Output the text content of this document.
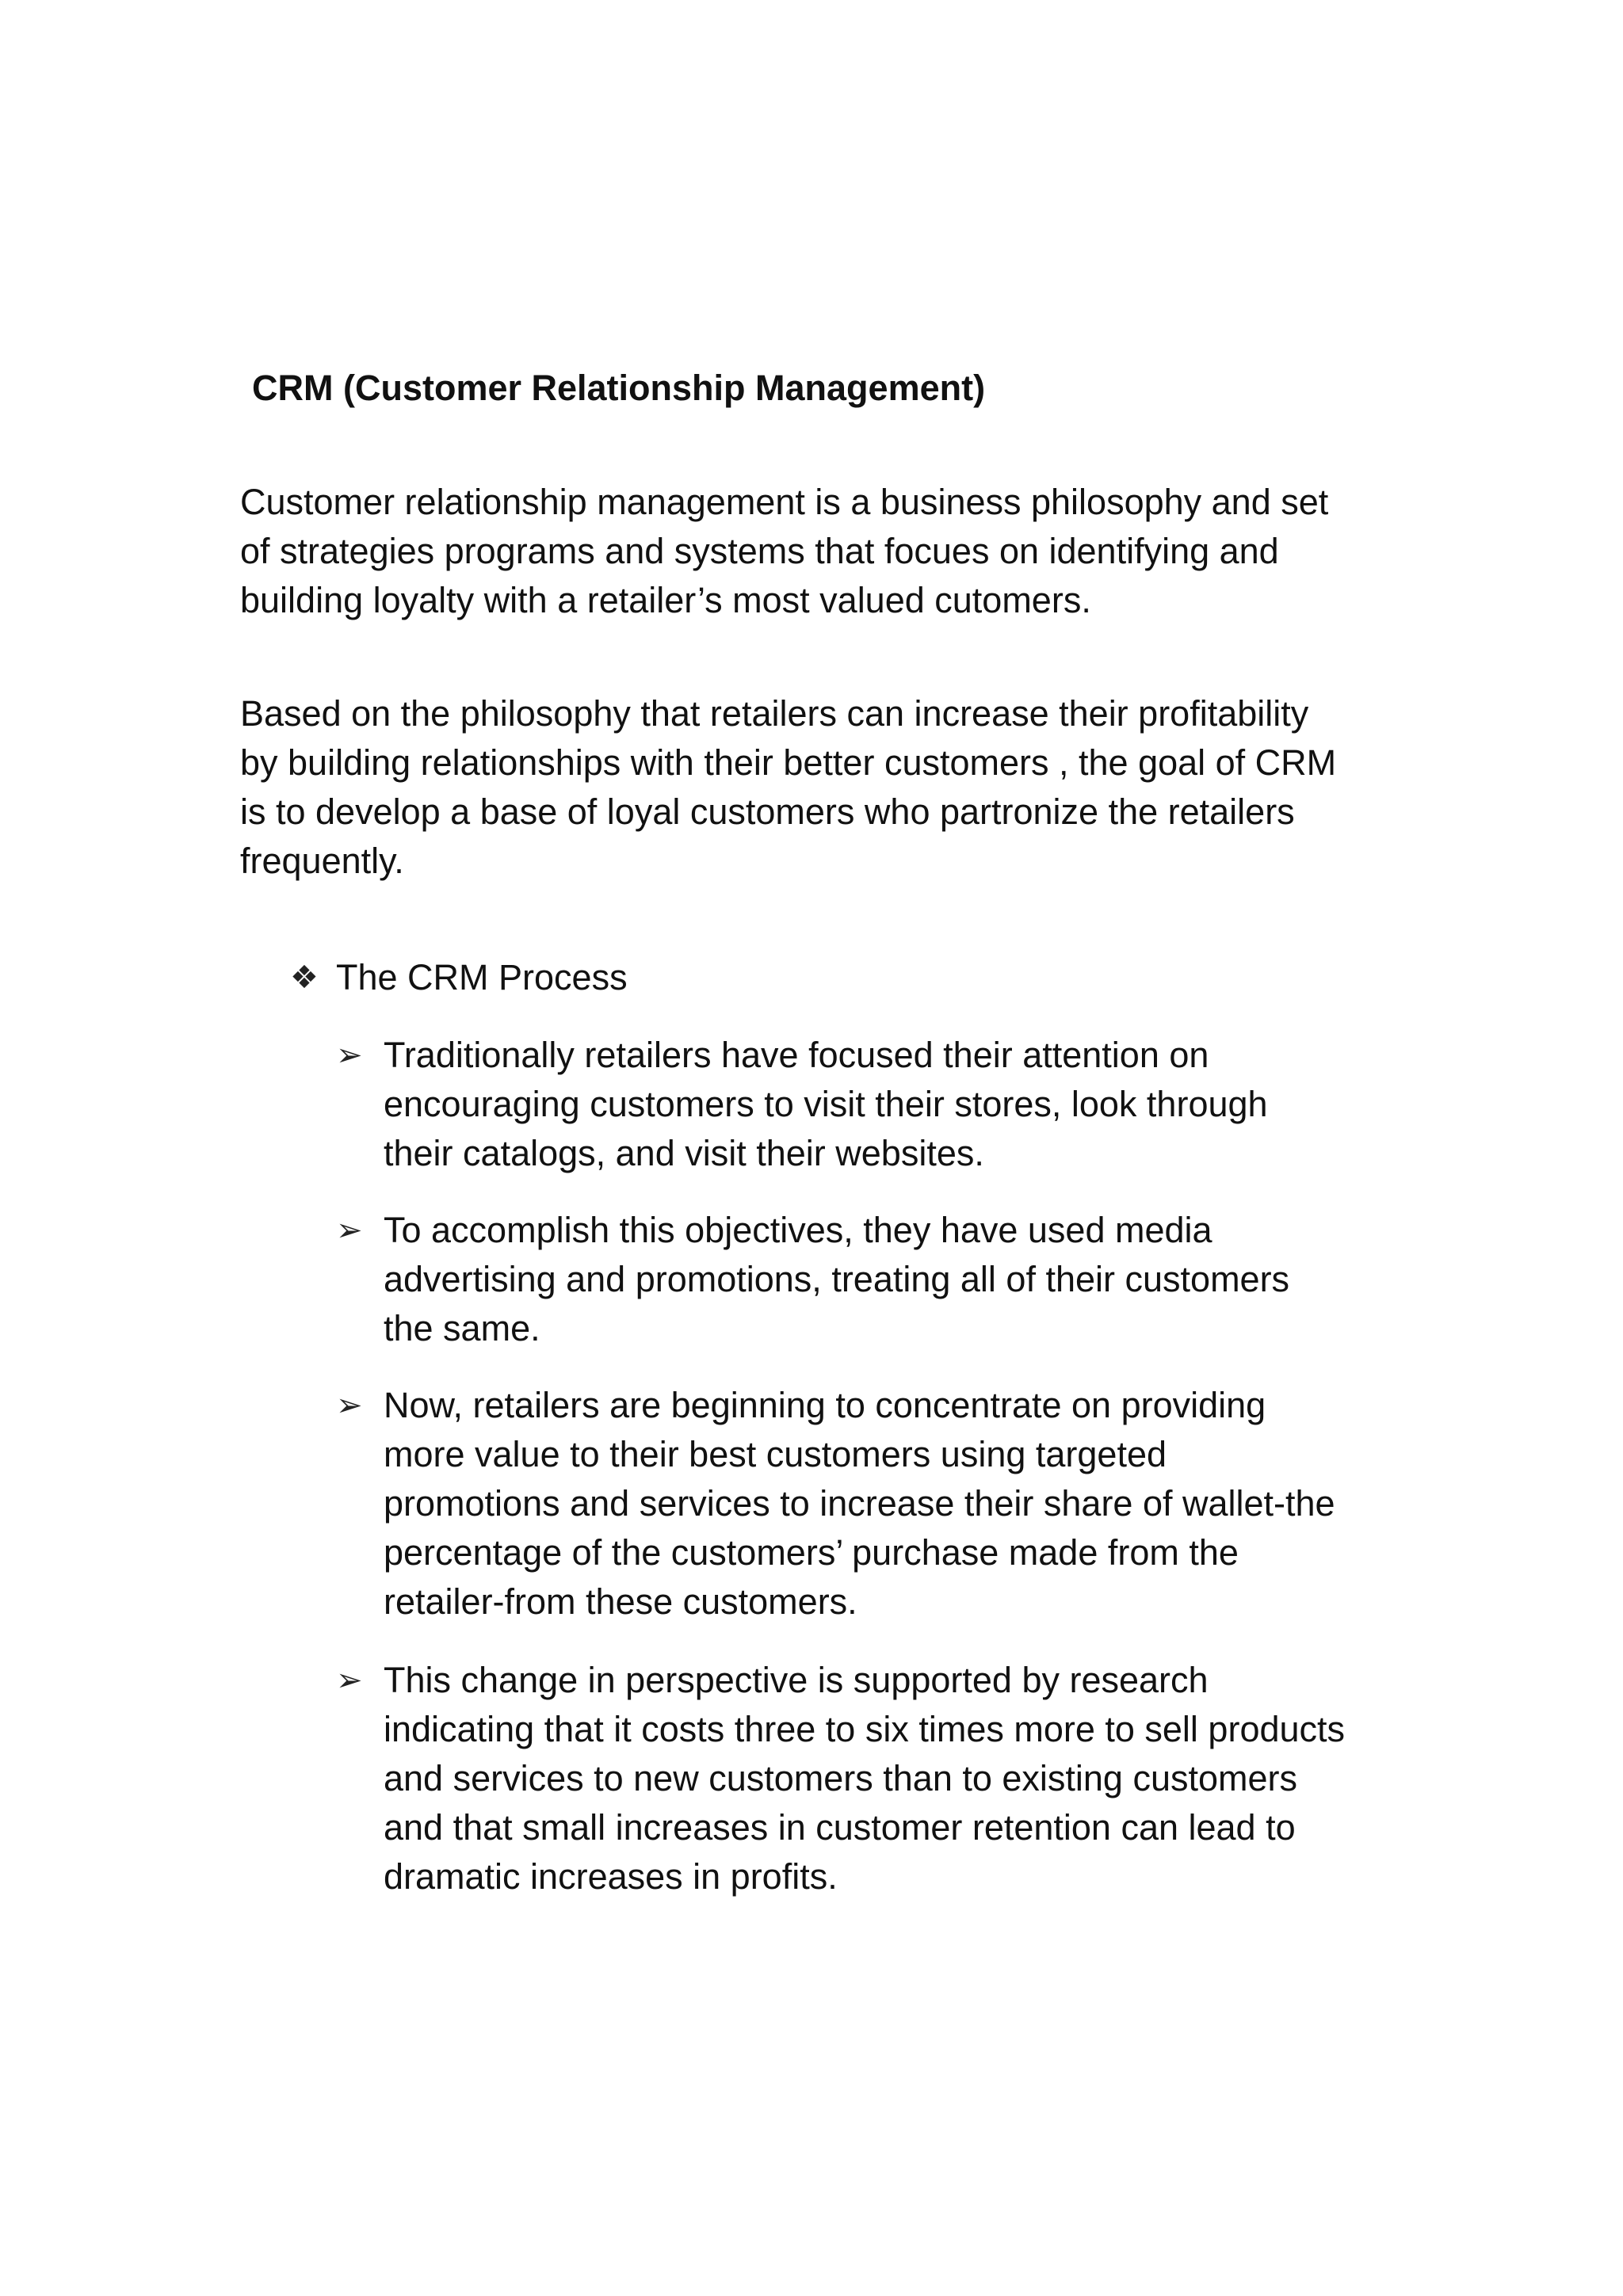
CRM (Customer Relationship Management)
Customer relationship management is a business philosophy and set
of strategies programs and systems that focues on identifying and
building loyalty with a retailer’s most valued cutomers.
Based on the philosophy that retailers can increase their profitability
by building relationships with their better customers , the goal of CRM
is to develop a base of loyal customers who partronize the retailers
frequently.
❖ The CRM Process
➢ Traditionally retailers have focused their attention on
encouraging customers to visit their stores, look through
their catalogs, and visit their websites.
➢ To accomplish this objectives, they have used media
advertising and promotions, treating all of their customers
the same.
➢ Now, retailers are beginning to concentrate on providing
more value to their best customers using targeted
promotions and services to increase their share of wallet-the
percentage of the customers’ purchase made from the
retailer-from these customers.
➢ This change in perspective is supported by research
indicating that it costs three to six times more to sell products
and services to new customers than to existing customers
and that small increases in customer retention can lead to
dramatic increases in profits.
